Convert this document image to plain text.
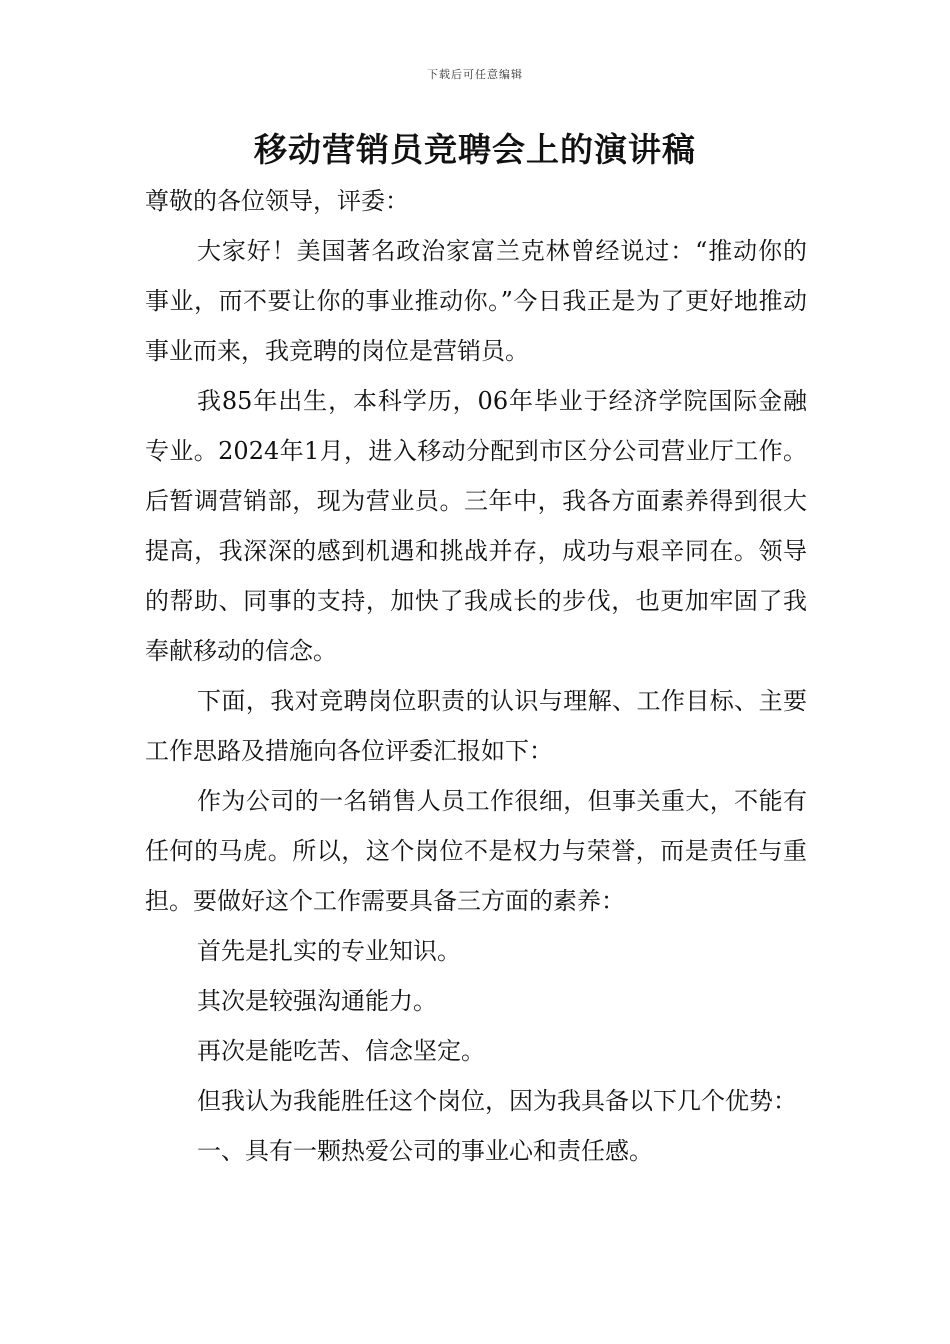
下载后可任意编辑
移动营销员竞聘会上的演讲稿

尊敬的各位领导，评委：

大家好！美国著名政治家富兰克林曾经说过：“推动你的事业，而不要让你的事业推动你。”今日我正是为了更好地推动事业而来，我竞聘的岗位是营销员。

我85年出生，本科学历，06年毕业于经济学院国际金融专业。2024年1月，进入移动分配到市区分公司营业厅工作。后暂调营销部，现为营业员。三年中，我各方面素养得到很大提高，我深深的感到机遇和挑战并存，成功与艰辛同在。领导的帮助、同事的支持，加快了我成长的步伐，也更加牢固了我奉献移动的信念。

下面，我对竞聘岗位职责的认识与理解、工作目标、主要工作思路及措施向各位评委汇报如下：

作为公司的一名销售人员工作很细，但事关重大，不能有任何的马虎。所以，这个岗位不是权力与荣誉，而是责任与重担。要做好这个工作需要具备三方面的素养：

首先是扎实的专业知识。

其次是较强沟通能力。

再次是能吃苦、信念坚定。

但我认为我能胜任这个岗位，因为我具备以下几个优势：

一、具有一颗热爱公司的事业心和责任感。
